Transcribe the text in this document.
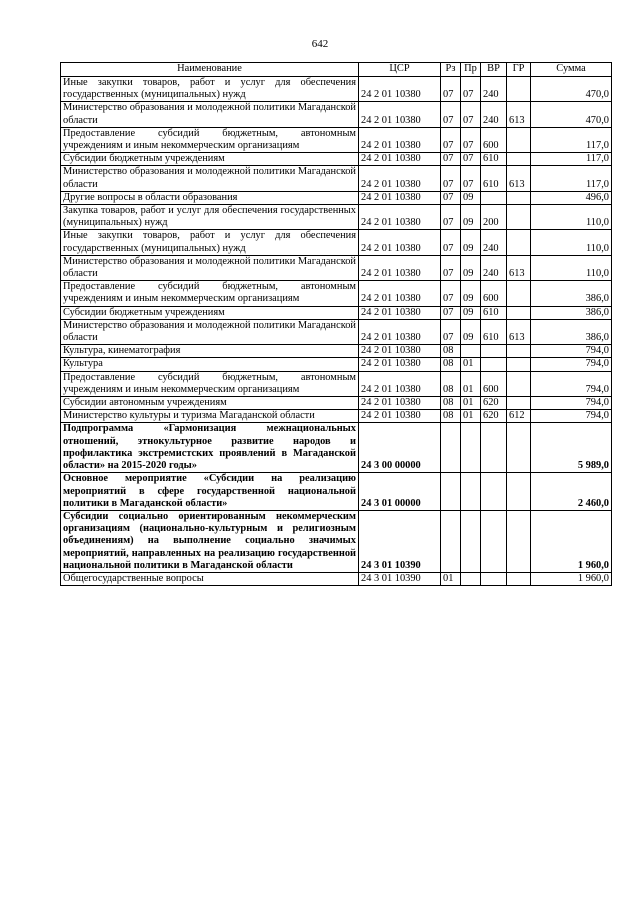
642
Наименование	ЦСР	Рз	Пр	ВР	ГР	Сумма
Иные закупки товаров, работ и услуг для обеспечения государственных (муниципальных) нужд	24 2 01 10380	07	07	240		470,0
Министерство образования и молодежной политики Магаданской области	24 2 01 10380	07	07	240	613	470,0
Предоставление субсидий бюджетным, автономным учреждениям и иным некоммерческим организациям	24 2 01 10380	07	07	600		117,0
Субсидии бюджетным учреждениям	24 2 01 10380	07	07	610		117,0
Министерство образования и молодежной политики Магаданской области	24 2 01 10380	07	07	610	613	117,0
Другие вопросы в области образования	24 2 01 10380	07	09			496,0
Закупка товаров, работ и услуг для обеспечения государственных (муниципальных) нужд	24 2 01 10380	07	09	200		110,0
Иные закупки товаров, работ и услуг для обеспечения государственных (муниципальных) нужд	24 2 01 10380	07	09	240		110,0
Министерство образования и молодежной политики Магаданской области	24 2 01 10380	07	09	240	613	110,0
Предоставление субсидий бюджетным, автономным учреждениям и иным некоммерческим организациям	24 2 01 10380	07	09	600		386,0
Субсидии бюджетным учреждениям	24 2 01 10380	07	09	610		386,0
Министерство образования и молодежной политики Магаданской области	24 2 01 10380	07	09	610	613	386,0
Культура, кинематография	24 2 01 10380	08				794,0
Культура	24 2 01 10380	08	01			794,0
Предоставление субсидий бюджетным, автономным учреждениям и иным некоммерческим организациям	24 2 01 10380	08	01	600		794,0
Субсидии автономным учреждениям	24 2 01 10380	08	01	620		794,0
Министерство культуры и туризма Магаданской области	24 2 01 10380	08	01	620	612	794,0
Подпрограмма «Гармонизация межнациональных отношений, этнокультурное развитие народов и профилактика экстремистских проявлений в Магаданской области» на 2015-2020 годы»	24 3 00 00000					5 989,0
Основное мероприятие «Субсидии на реализацию мероприятий в сфере государственной национальной политики в Магаданской области»	24 3 01 00000					2 460,0
Субсидии социально ориентированным некоммерческим организациям (национально-культурным и религиозным объединениям) на выполнение социально значимых мероприятий, направленных на реализацию государственной национальной политики в Магаданской области	24 3 01 10390					1 960,0
Общегосударственные вопросы	24 3 01 10390	01				1 960,0
